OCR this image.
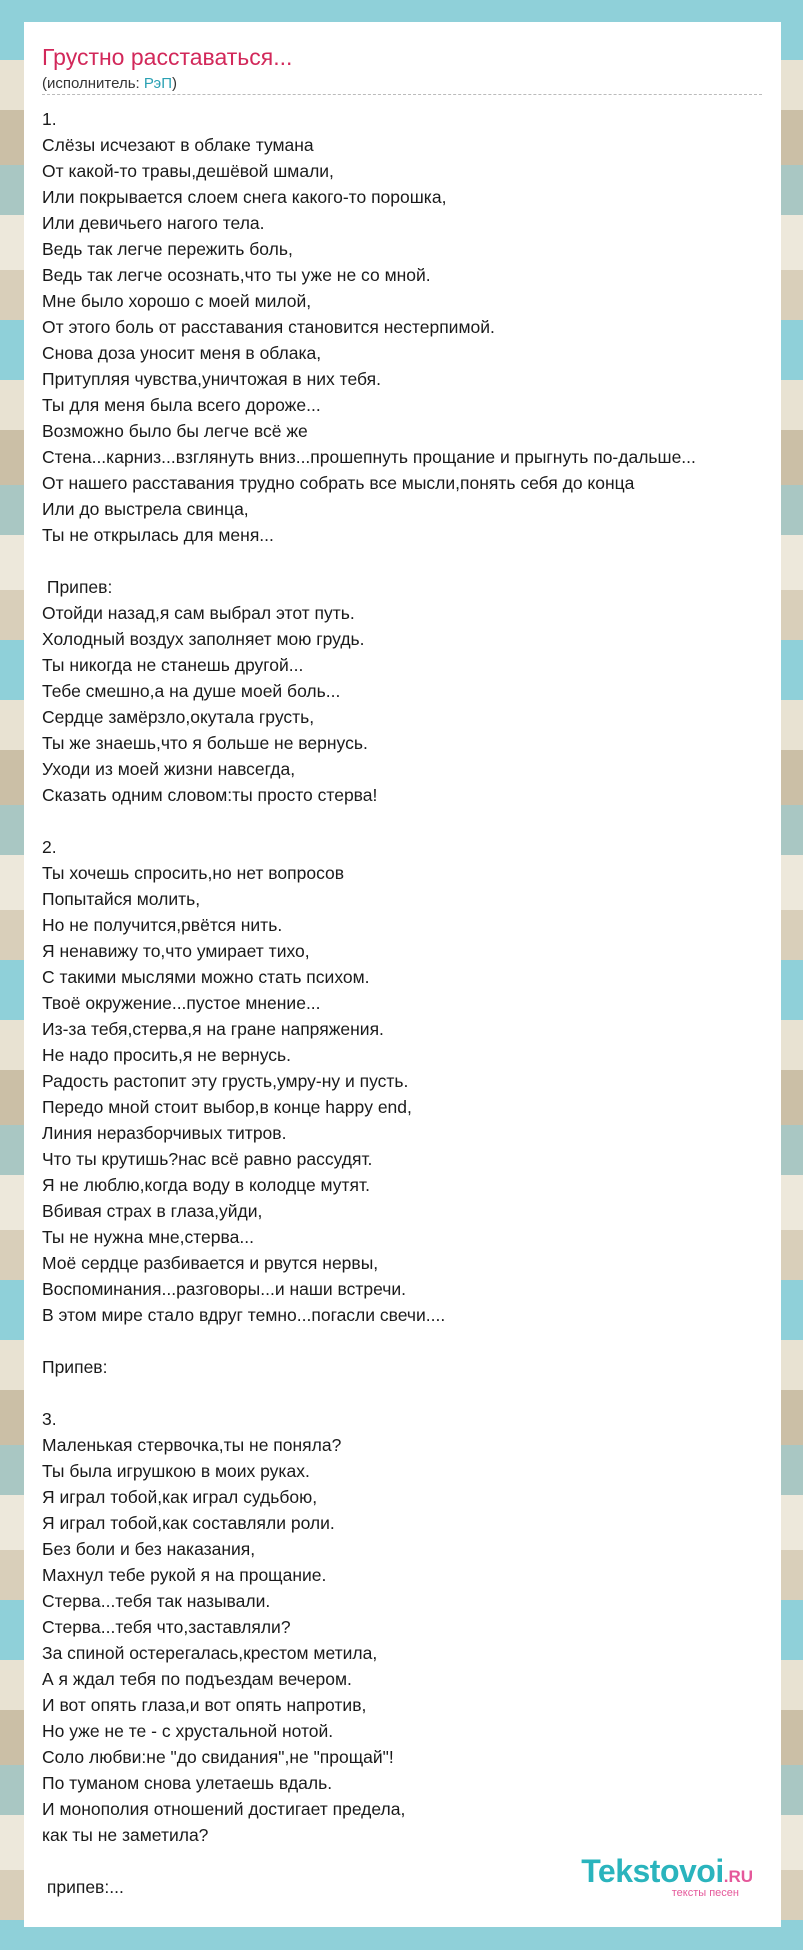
Грустно расставаться...
(исполнитель: РэП)
1.
Слёзы исчезают в облаке тумана
От какой-то травы,дешёвой шмали,
Или покрывается слоем снега какого-то порошка,
Или девичьего нагого тела.
Ведь так легче пережить боль,
Ведь так легче осознать,что ты уже не со мной.
Мне было хорошо с моей милой,
От этого боль от расставания становится нестерпимой.
Снова доза уносит меня в облака,
Притупляя чувства,уничтожая в них тебя.
Ты для меня была всего дороже...
Возможно было бы легче всё же
Стена...карниз...взглянуть вниз...прошепнуть прощание и прыгнуть по-дальше...
От нашего расставания трудно собрать все мысли,понять себя до конца
Или до выстрела свинца,
Ты не открылась для меня...

Припев:
Отойди назад,я сам выбрал этот путь.
Холодный воздух заполняет мою грудь.
Ты никогда не станешь другой...
Тебе смешно,а на душе моей боль...
Сердце замёрзло,окутала грусть,
Ты же знаешь,что я больше не вернусь.
Уходи из моей жизни навсегда,
Сказать одним словом:ты просто стерва!

2.
Ты хочешь спросить,но нет вопросов
Попытайся молить,
Но не получится,рвётся нить.
Я ненавижу то,что умирает тихо,
С такими мыслями можно стать психом.
Твоё окружение...пустое мнение...
Из-за тебя,стерва,я на гране напряжения.
Не надо просить,я не вернусь.
Радость растопит эту грусть,умру-ну и пусть.
Передо мной стоит выбор,в конце happy end,
Линия неразборчивых титров.
Что ты крутишь?нас всё равно рассудят.
Я не люблю,когда воду в колодце мутят.
Вбивая страх в глаза,уйди,
Ты не нужна мне,стерва...
Моё сердце разбивается и рвутся нервы,
Воспоминания...разговоры...и наши встречи.
В этом мире стало вдруг темно...погасли свечи....

Припев:

3.
Маленькая стервочка,ты не поняла?
Ты была игрушкою в моих руках.
Я играл тобой,как играл судьбою,
Я играл тобой,как составляли роли.
Без боли и без наказания,
Махнул тебе рукой я на прощание.
Стерва...тебя так называли.
Стерва...тебя что,заставляли?
За спиной остерегалась,крестом метила,
А я ждал тебя по подъездам вечером.
И вот опять глаза,и вот опять напротив,
Но уже не те - с хрустальной нотой.
Соло любви:не "до свидания",не "прощай"!
По туманом снова улетаешь вдаль.
И монополия отношений достигает предела,
как ты не заметила?

припев:...	Tekstovoi.RU
тексты песен
